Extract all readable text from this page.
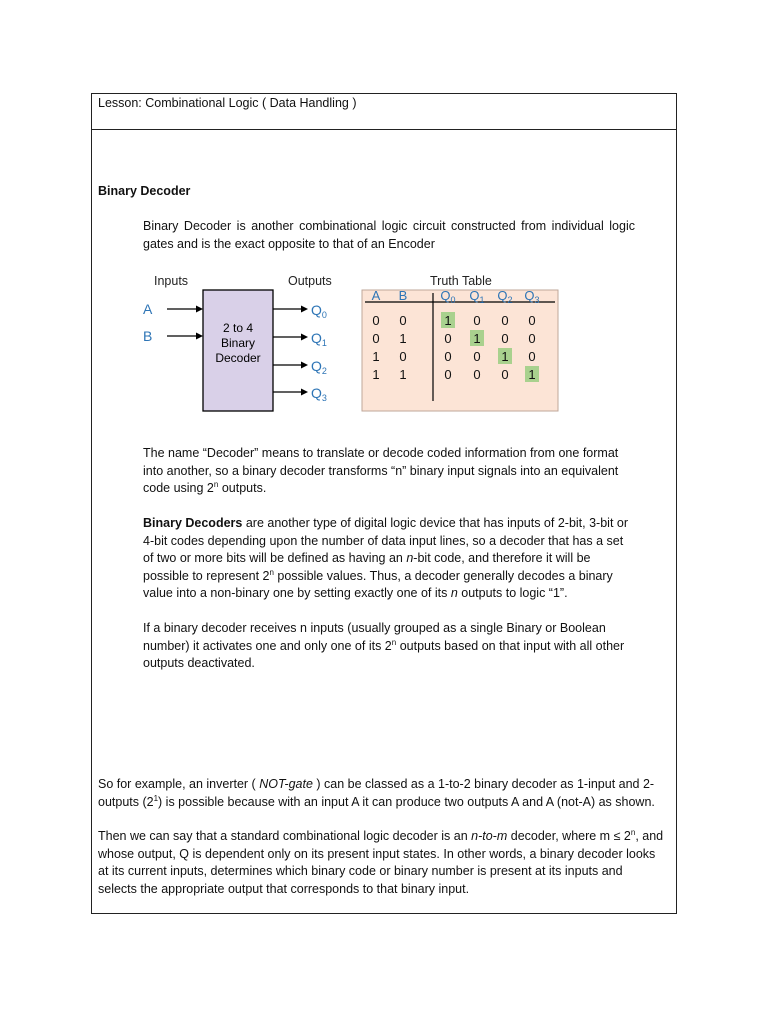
Lesson: Combinational Logic ( Data Handling )
Binary Decoder

Binary Decoder is another combinational logic circuit constructed from individual logic gates and is the exact opposite to that of an Encoder

Inputs	Outputs	Truth Table
A
B	2 to 4
Binary
Decoder
$Q_0$
$Q_1$
$Q_2$
$Q_3$
A B	$Q_0$ $Q_1$ $Q_2$ $Q_3$
0 0	1 0 0 0
0 1	0 1 0 0
1 0	0 0 1 0
1 1	0 0 0 1

The name “Decoder” means to translate or decode coded information from one format
into another, so a binary decoder transforms “n” binary input signals into an equivalent
code using 2$^n$ outputs.

Binary Decoders are another type of digital logic device that has inputs of 2-bit, 3-bit or
4-bit codes depending upon the number of data input lines, so a decoder that has a set
of two or more bits will be defined as having an n-bit code, and therefore it will be
possible to represent 2$^n$ possible values. Thus, a decoder generally decodes a binary
value into a non-binary one by setting exactly one of its n outputs to logic “1”.

If a binary decoder receives n inputs (usually grouped as a single Binary or Boolean
number) it activates one and only one of its 2$^n$ outputs based on that input with all other
outputs deactivated.

So for example, an inverter ( NOT-gate ) can be classed as a 1-to-2 binary decoder as 1-input and 2-
outputs $(2^1)$ is possible because with an input A it can produce two outputs A and A (not-A) as shown.

Then we can say that a standard combinational logic decoder is an n-to-m decoder, where $m \le 2^n$, and
whose output, Q is dependent only on its present input states. In other words, a binary decoder looks
at its current inputs, determines which binary code or binary number is present at its inputs and
selects the appropriate output that corresponds to that binary input.
